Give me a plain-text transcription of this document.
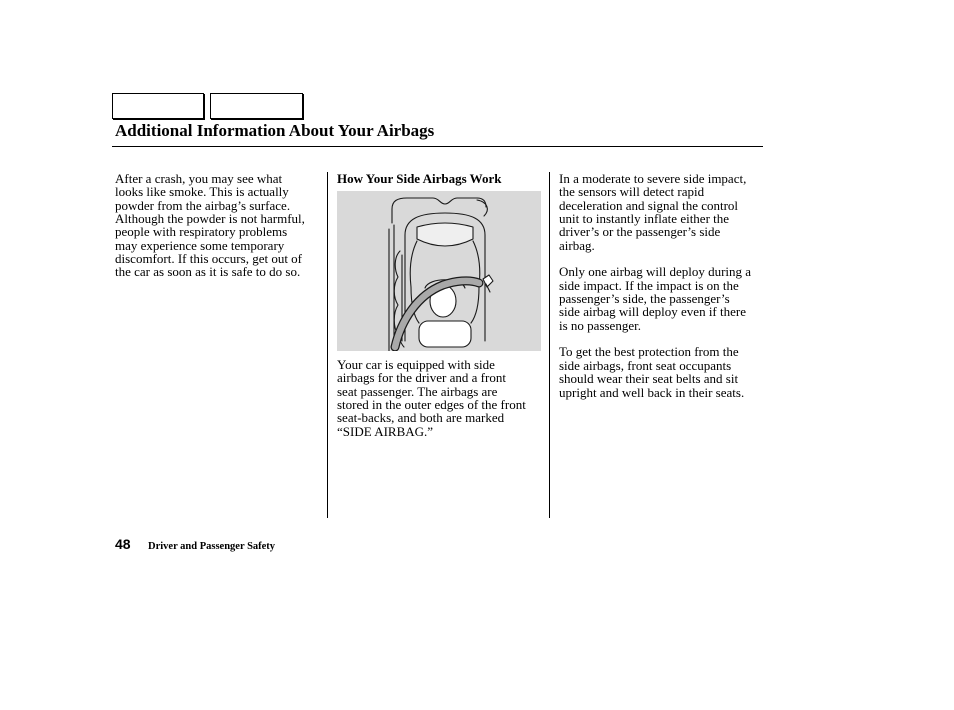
Additional Information About Your Airbags
After a crash, you may see what
looks like smoke. This is actually
powder from the airbag’s surface.
Although the powder is not harmful,
people with respiratory problems
may experience some temporary
discomfort. If this occurs, get out of
the car as soon as it is safe to do so.
How Your Side Airbags Work
Your car is equipped with side
airbags for the driver and a front
seat passenger. The airbags are
stored in the outer edges of the front
seat-backs, and both are marked
“SIDE AIRBAG.”
In a moderate to severe side impact,
the sensors will detect rapid
deceleration and signal the control
unit to instantly inflate either the
driver’s or the passenger’s side
airbag.
Only one airbag will deploy during a
side impact. If the impact is on the
passenger’s side, the passenger’s
side airbag will deploy even if there
is no passenger.
To get the best protection from the
side airbags, front seat occupants
should wear their seat belts and sit
upright and well back in their seats.
48 Driver and Passenger Safety
